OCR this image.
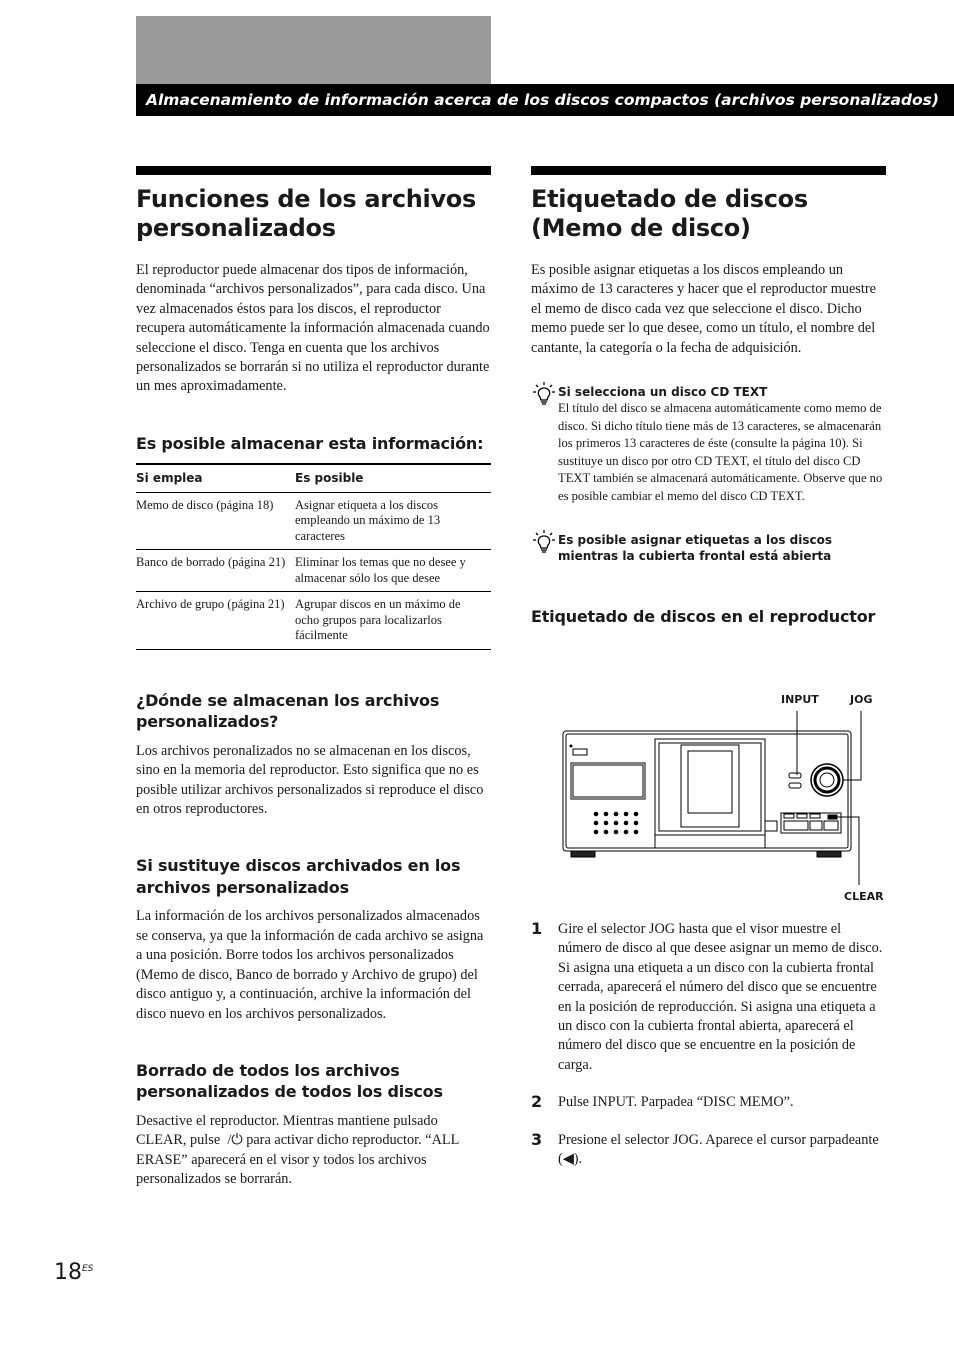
Almacenamiento de información acerca de los discos compactos (archivos personalizados)
Funciones de los archivos personalizados

El reproductor puede almacenar dos tipos de información, denominada “archivos personalizados”, para cada disco. Una vez almacenados éstos para los discos, el reproductor recupera automáticamente la información almacenada cuando seleccione el disco. Tenga en cuenta que los archivos personalizados se borrarán si no utiliza el reproductor durante un mes aproximadamente.

Es posible almacenar esta información:
Si emplea	Es posible
Memo de disco (página 18)	Asignar etiqueta a los discos empleando un máximo de 13 caracteres
Banco de borrado (página 21)	Eliminar los temas que no desee y almacenar sólo los que desee
Archivo de grupo (página 21)	Agrupar discos en un máximo de ocho grupos para localizarlos fácilmente
¿Dónde se almacenan los archivos personalizados?

Los archivos peronalizados no se almacenan en los discos, sino en la memoria del reproductor. Esto significa que no es posible utilizar archivos personalizados si reproduce el disco en otros reproductores.

Si sustituye discos archivados en los archivos personalizados

La información de los archivos personalizados almacenados se conserva, ya que la información de cada archivo se asigna a una posición. Borre todos los archivos personalizados (Memo de disco, Banco de borrado y Archivo de grupo) del disco antiguo y, a continuación, archive la información del disco nuevo en los archivos personalizados.

Borrado de todos los archivos personalizados de todos los discos

Desactive el reproductor. Mientras mantiene pulsado CLEAR, pulse ⁠ /⏻ para activar dicho reproductor. “ALL ERASE” aparecerá en el visor y todos los archivos personalizados se borrarán.

Etiquetado de discos (Memo de disco)

Es posible asignar etiquetas a los discos empleando un máximo de 13 caracteres y hacer que el reproductor muestre el memo de disco cada vez que seleccione el disco. Dicho memo puede ser lo que desee, como un título, el nombre del cantante, la categoría o la fecha de adquisición.

Si selecciona un disco CD TEXT
El título del disco se almacena automáticamente como memo de disco. Si dicho título tiene más de 13 caracteres, se almacenarán los primeros 13 caracteres de éste (consulte la página 10). Si sustituye un disco por otro CD TEXT, el título del disco CD TEXT también se almacenará automáticamente. Observe que no es posible cambiar el memo del disco CD TEXT.
Es posible asignar etiquetas a los discos mientras la cubierta frontal está abierta
Etiquetado de discos en el reproductor
INPUT	JOG
CLEAR
1 Gire el selector JOG hasta que el visor muestre el número de disco al que desee asignar un memo de disco. Si asigna una etiqueta a un disco con la cubierta frontal cerrada, aparecerá el número del disco que se encuentre en la posición de reproducción. Si asigna una etiqueta a un disco con la cubierta frontal abierta, aparecerá el número del disco que se encuentre en la posición de carga.
2 Pulse INPUT. Parpadea “DISC MEMO”.
3 Presione el selector JOG. Aparece el cursor parpadeante (◀).
$18^{ES}$
